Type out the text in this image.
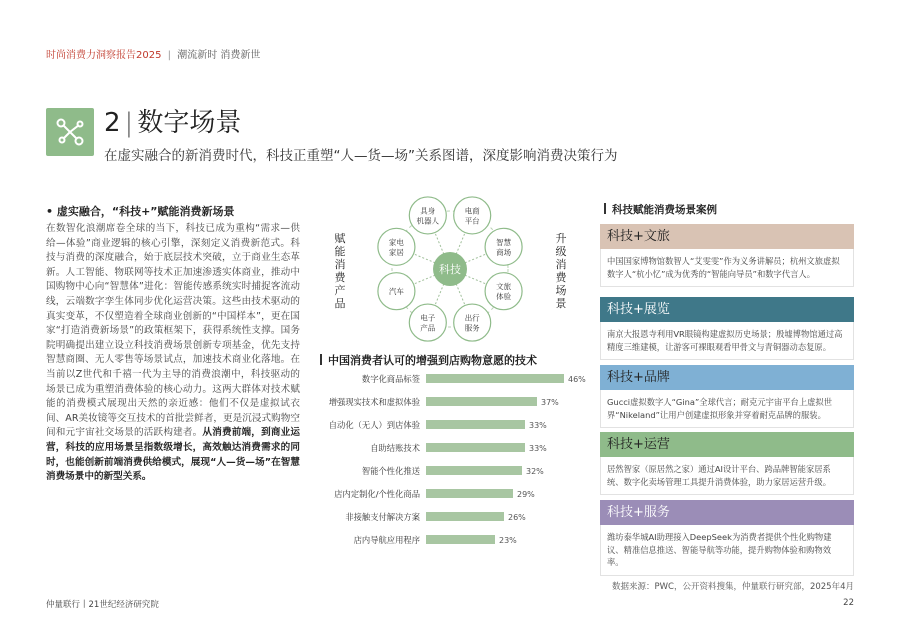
时尚消费力洞察报告2025 | 潮流新时 消费新世
2 | 数字场景
在虚实融合的新消费时代，科技正重塑“人—货—场”关系图谱，深度影响消费决策行为
• 虚实融合，“科技+”赋能消费新场景
在数智化浪潮席卷全球的当下，科技已成为重构“需求—供给—体验”商业逻辑的核心引擎，深刻定义消费新范式。科技与消费的深度融合，始于底层技术突破，立于商业生态革新。人工智能、物联网等技术正加速渗透实体商业，推动中国购物中心向“智慧体”进化：智能传感系统实时捕捉客流动线，云端数字孪生体同步优化运营决策。这些由技术驱动的真实变革，不仅塑造着全球商业创新的“中国样本”，更在国家“打造消费新场景”的政策框架下，获得系统性支撑。国务院明确提出建立设立科技消费场景创新专项基金，优先支持智慧商圈、无人零售等场景试点，加速技术商业化落地。在当前以Z世代和千禧一代为主导的消费浪潮中，科技驱动的场景已成为重塑消费体验的核心动力。这两大群体对技术赋能的消费模式展现出天然的亲近感：他们不仅是虚拟试衣间、AR美妆镜等交互技术的首批尝鲜者，更是沉浸式购物空间和元宇宙社交场景的活跃构建者。从消费前端，到商业运营，科技的应用场景呈指数级增长，高效触达消费需求的同时，也能创新前端消费供给模式，展现“人—货—场”在智慧消费场景中的新型关系。
赋能消费产品
升级消费场景
具身机器人
电商平台
智慧商场
文旅体验
出行服务
电子产品
汽车
家电家居
科技
中国消费者认可的增强到店购物意愿的技术
数字化商品标签	46%
增强现实技术和虚拟体验	37%
自动化（无人）到店体验	33%
自助结账技术	33%
智能个性化推送	32%
店内定制化/个性化商品	29%
非接触支付解决方案	26%
店内导航应用程序	23%
科技赋能消费场景案例
科技+文旅
中国国家博物馆数智人“艾雯雯”作为义务讲解员；杭州文旅虚拟数字人“杭小忆”成为优秀的“智能向导员”和数字代言人。
科技+展览
南京大报恩寺利用VR眼镜构建虚拟历史场景；殷墟博物馆通过高精度三维建模，让游客可裸眼观看甲骨文与青铜器动态复原。
科技+品牌
Gucci虚拟数字人“Gina”全球代言；耐克元宇宙平台上虚拟世界“Nikeland”让用户创建虚拟形象并穿着耐克品牌的服装。
科技+运营
居然智家（原居然之家）通过AI设计平台、跨品牌智能家居系统、数字化卖场管理工具提升消费体验，助力家居运营升级。
科技+服务
潍坊泰华城AI助理接入DeepSeek为消费者提供个性化购物建议、精准信息推送、智能导航等功能，提升购物体验和购物效率。
数据来源：PWC，公开资料搜集，仲量联行研究部，2025年4月
仲量联行丨21世纪经济研究院	22
